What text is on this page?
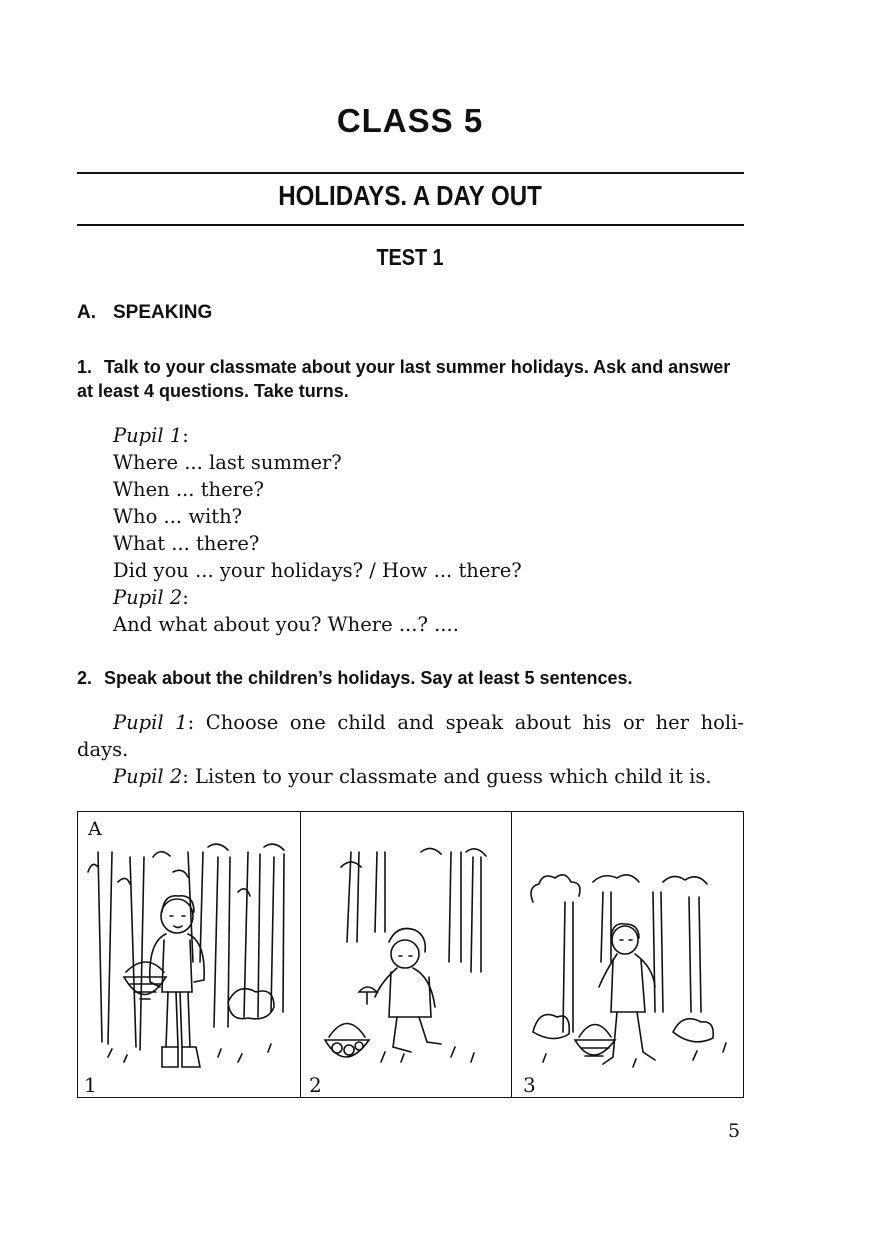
CLASS 5
HOLIDAYS. A DAY OUT
TEST 1
A. SPEAKING
1. Talk to your classmate about your last summer holidays. Ask and answer at least 4 questions. Take turns.
Pupil 1:
Where ... last summer?
When ... there?
Who ... with?
What ... there?
Did you ... your holidays? / How ... there?
Pupil 2:
And what about you? Where ...? ....
2. Speak about the children’s holidays. Say at least 5 sentences.

Pupil 1: Choose one child and speak about his or her holi-

days.

Pupil 2: Listen to your classmate and guess which child it is.

A
1	2	3
5
